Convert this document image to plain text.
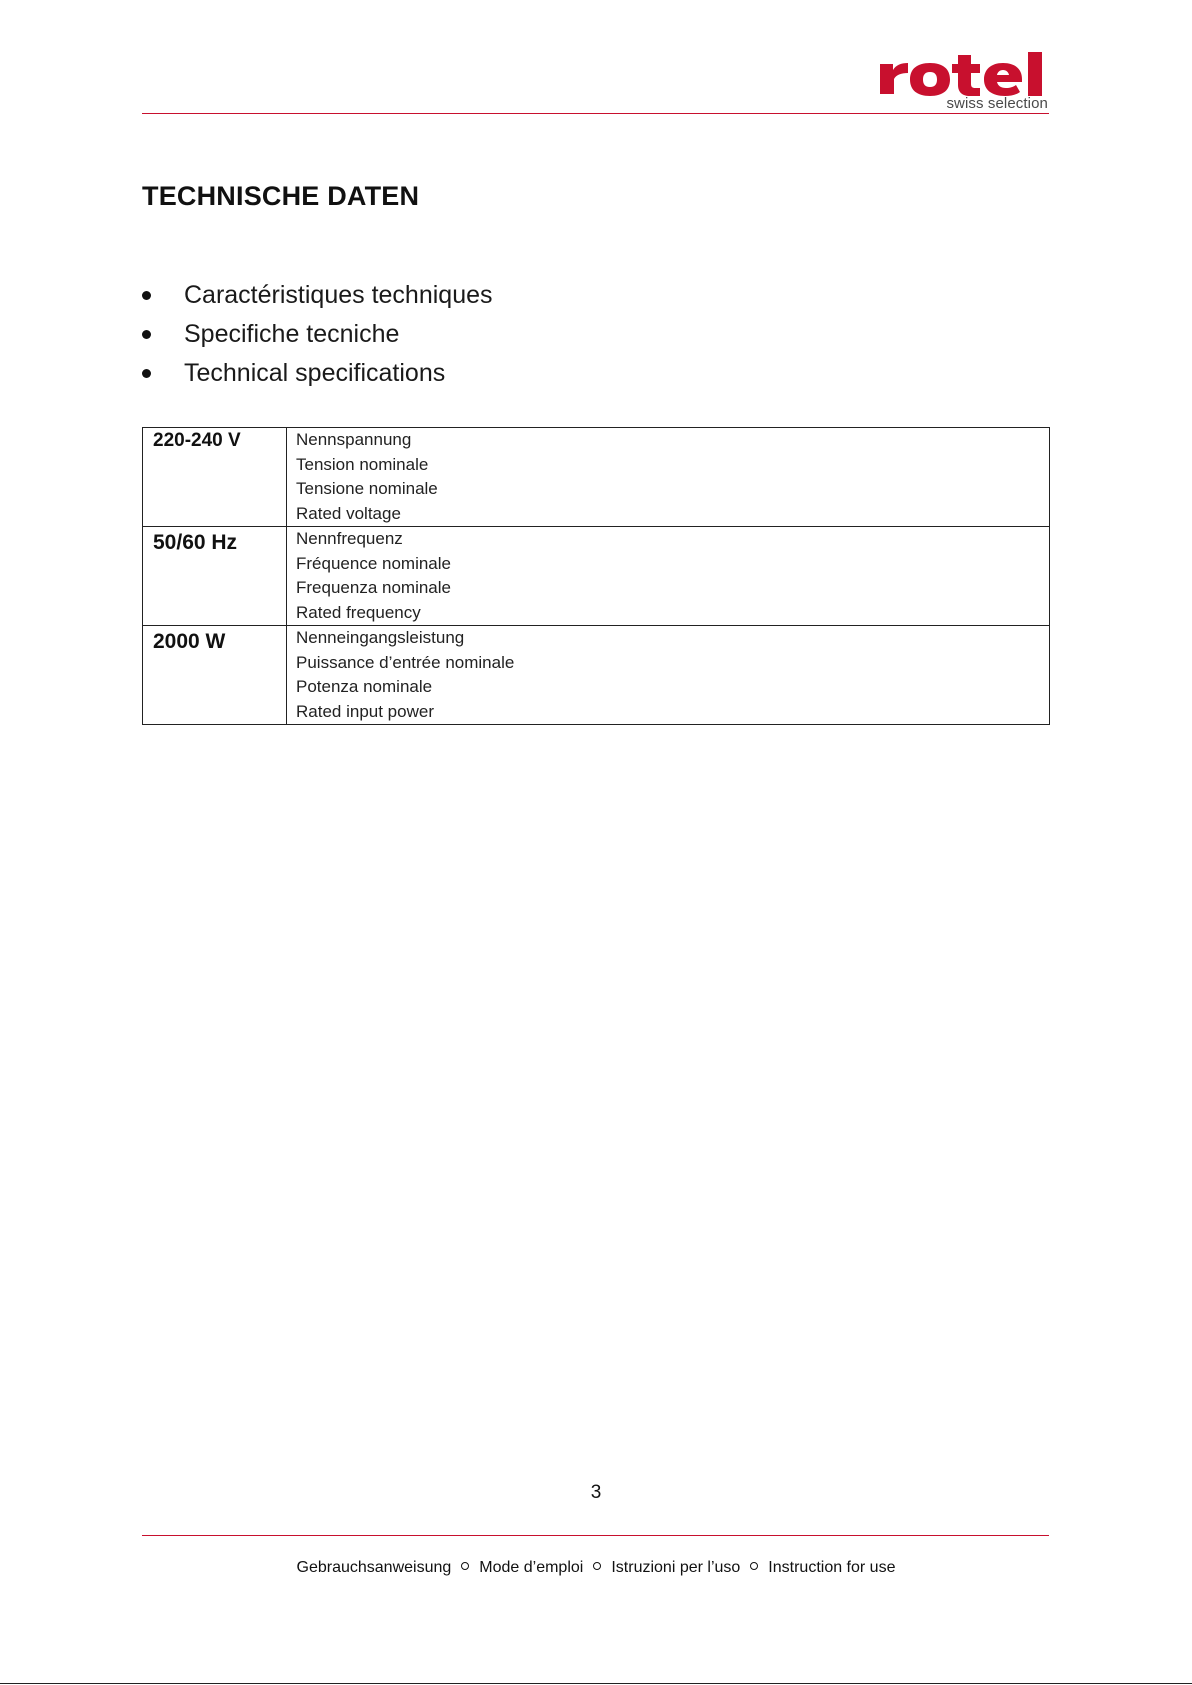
swiss selection
TECHNISCHE DATEN
Caractéristiques techniques
Specifiche tecniche
Technical specifications
220-240 V	Nennspannung
Tension nominale
Tensione nominale
Rated voltage

50/60 Hz	Nennfrequenz
Fréquence nominale
Frequenza nominale
Rated frequency

2000 W	Nenneingangsleistung
Puissance d’entrée nominale
Potenza nominale
Rated input power
3
Gebrauchsanweisung Mode d’emploi Istruzioni per l’uso Instruction for use
